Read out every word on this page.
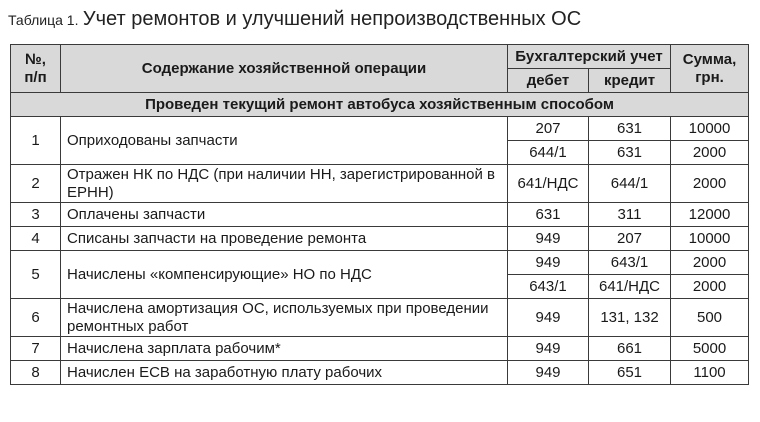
Таблица 1. Учет ремонтов и улучшений непроизводственных ОС
№, п/п	Содержание хозяйственной операции	Бухгалтерский учет		Сумма, грн.
		дебет	кредит	
Проведен текущий ремонт автобуса хозяйственным способом				
1	Оприходованы запчасти	207	631	10000
		644/1	631	2000
2	Отражен НК по НДС (при наличии НН, зарегистрированной в ЕРНН)	641/НДС	644/1	2000
3	Оплачены запчасти	631	311	12000
4	Списаны запчасти на проведение ремонта	949	207	10000
5	Начислены «компенсирующие» НО по НДС	949	643/1	2000
		643/1	641/НДС	2000
6	Начислена амортизация ОС, используемых при проведении ремонтных работ	949	131, 132	500
7	Начислена зарплата рабочим*	949	661	5000
8	Начислен ЕСВ на заработную плату рабочих	949	651	1100
